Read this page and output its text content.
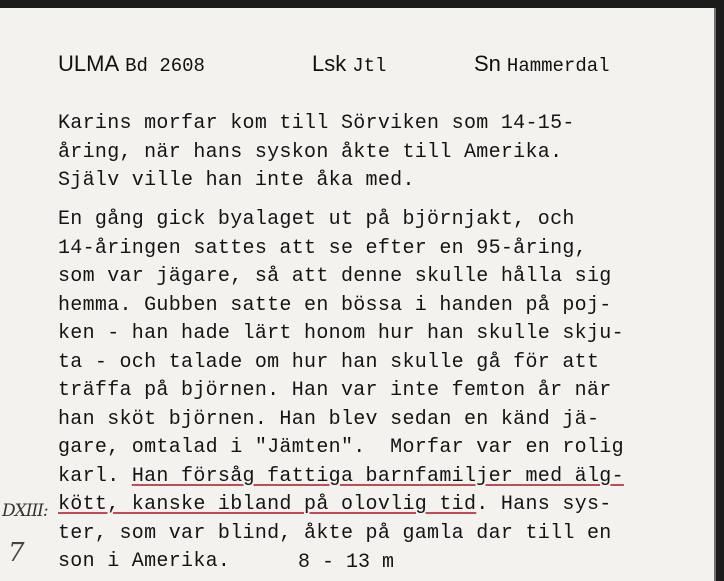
ULMA Bd 2608	Lsk Jtl	Sn Hammerdal
Karins morfar kom till Sörviken som 14-15-
åring, när hans syskon åkte till Amerika.
Själv ville han inte åka med.
En gång gick byalaget ut på björnjakt, och
14-åringen sattes att se efter en 95-åring,
som var jägare, så att denne skulle hålla sig
hemma. Gubben satte en bössa i handen på poj-
ken - han hade lärt honom hur han skulle skju-
ta - och talade om hur han skulle gå för att
träffa på björnen. Han var inte femton år när
han sköt björnen. Han blev sedan en känd jä-
gare, omtalad i "Jämten".  Morfar var en rolig
karl. Han försåg fattiga barnfamiljer med älg-
kött, kanske ibland på olovlig tid. Hans sys-
ter, som var blind, åkte på gamla dar till en
son i Amerika.
DXIII:
7	8 - 13 m
